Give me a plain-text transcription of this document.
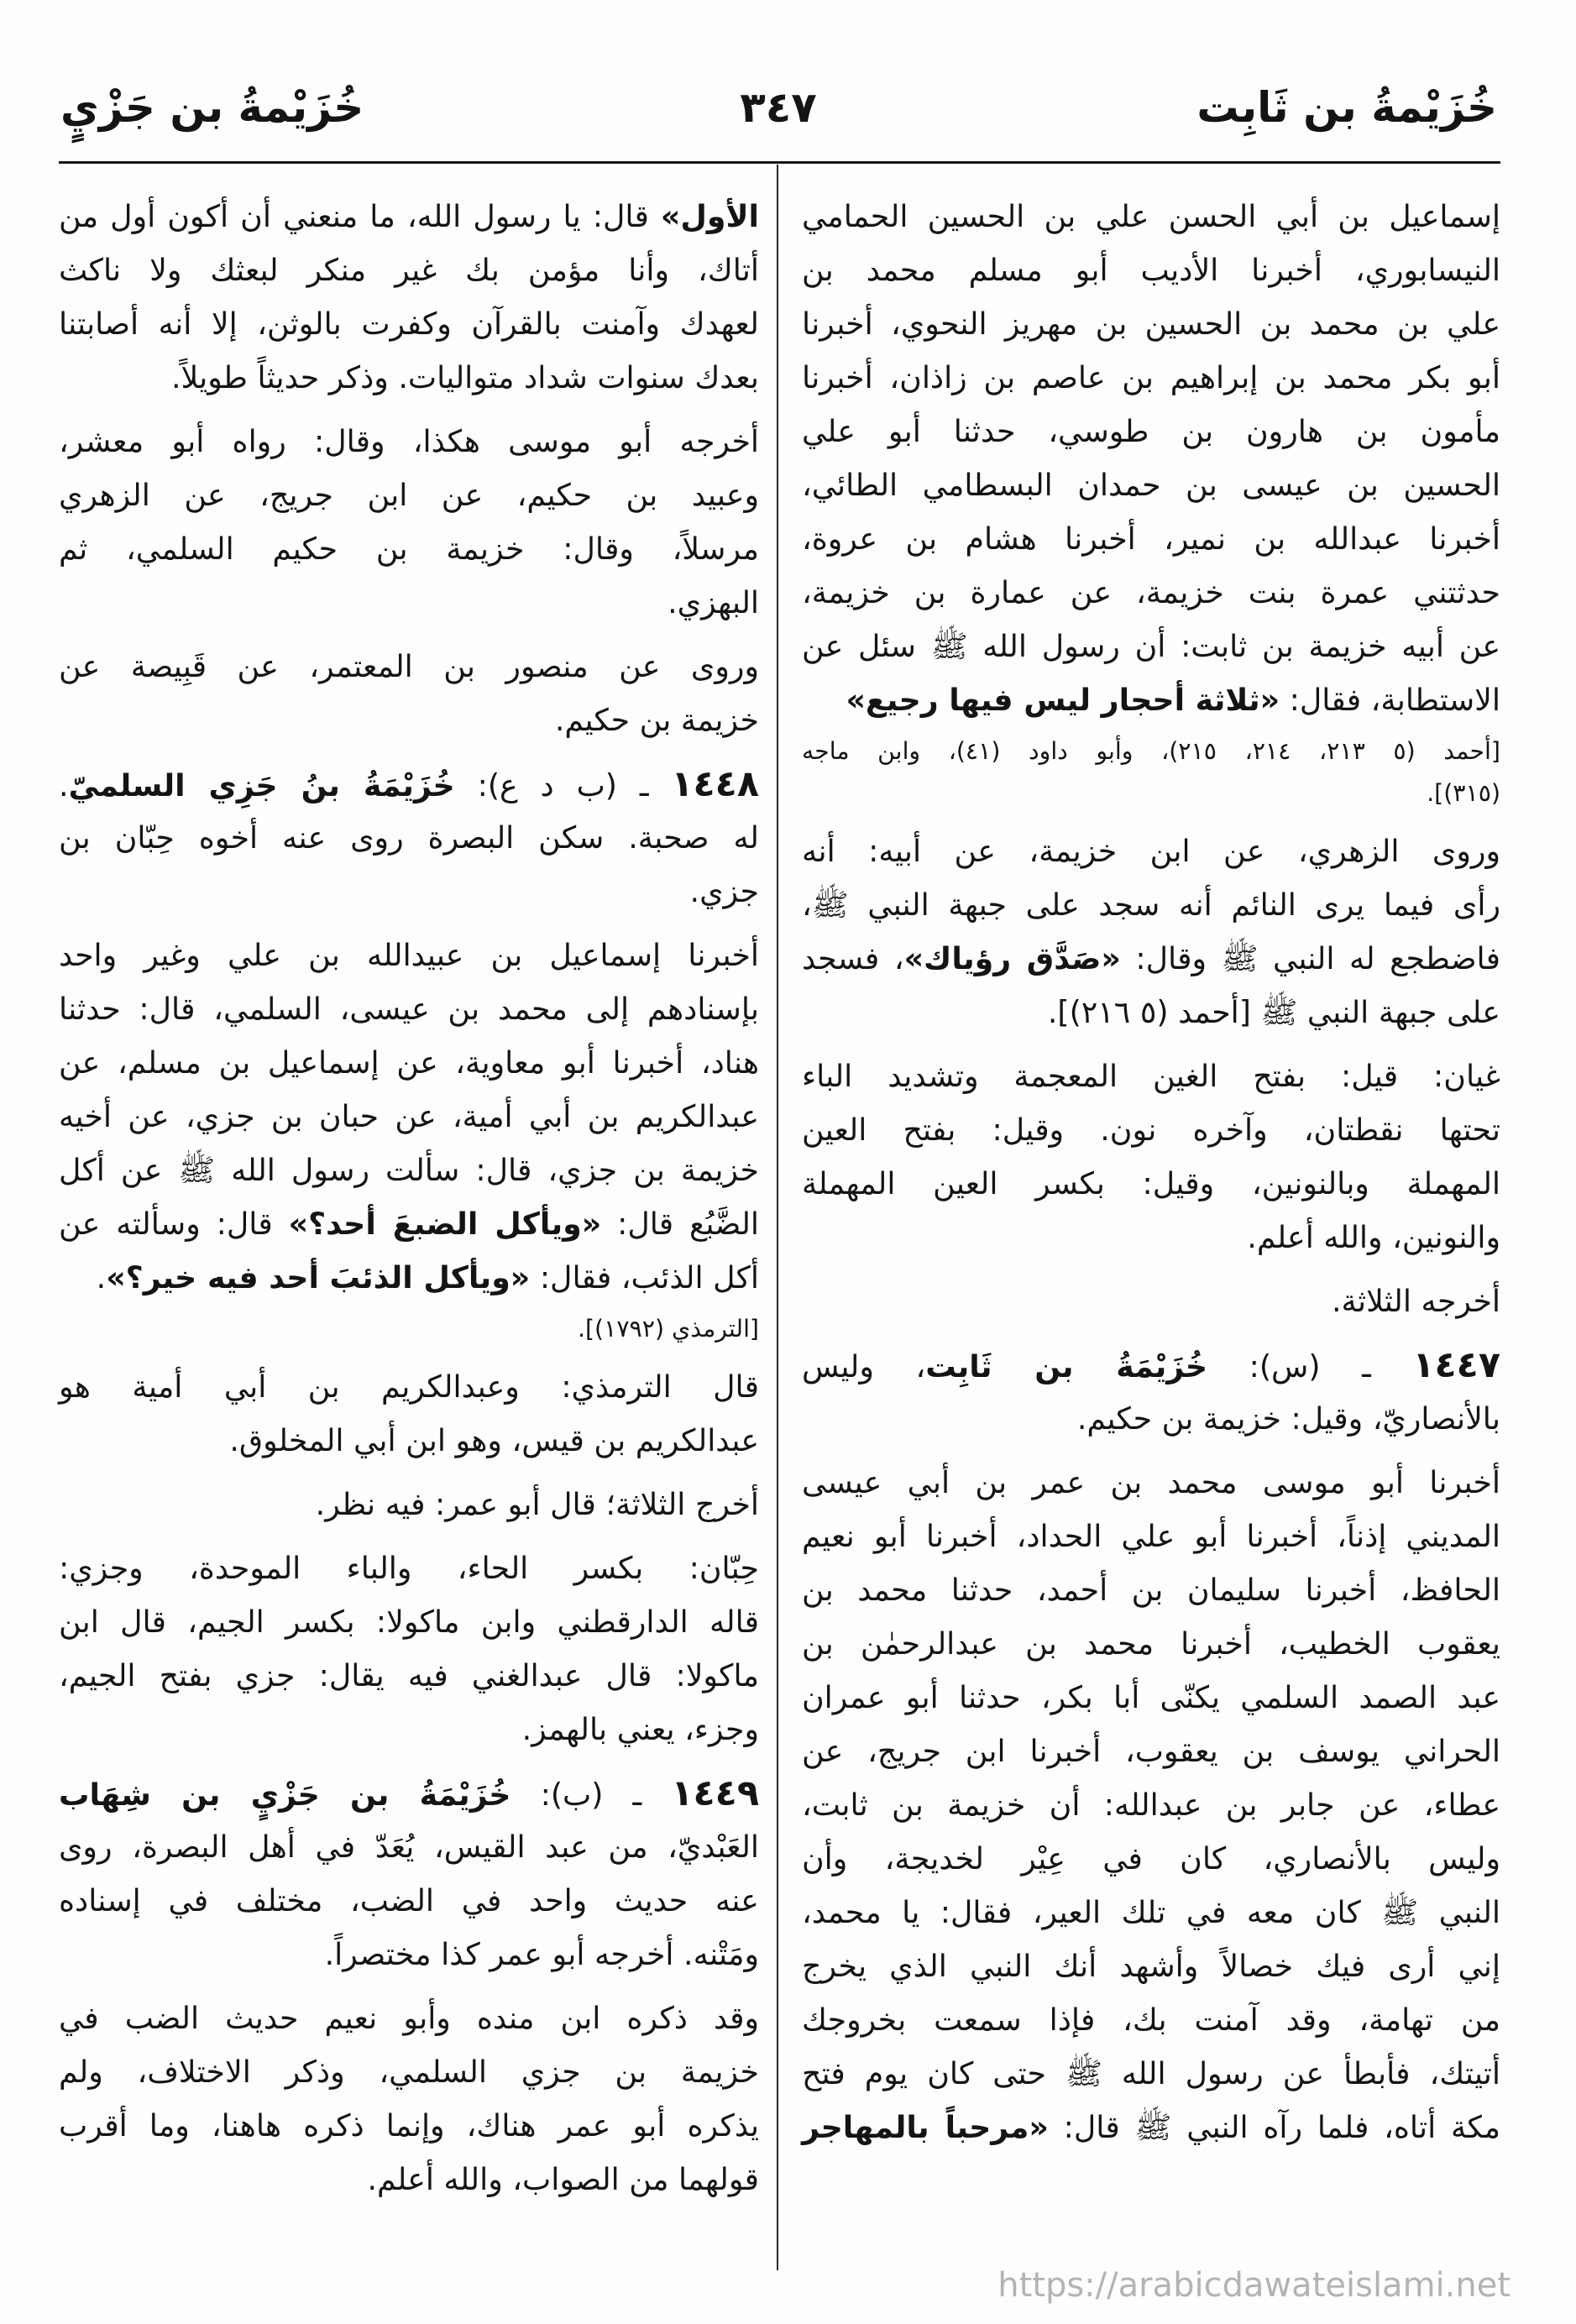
خُزَيْمةُ بن ثَابِت
٣٤٧
خُزَيْمةُ بن جَزْيٍ
إسماعيل بن أبي الحسن علي بن الحسين الحمامي
النيسابوري، أخبرنا الأديب أبو مسلم محمد بن
علي بن محمد بن الحسين بن مهريز النحوي، أخبرنا
أبو بكر محمد بن إبراهيم بن عاصم بن زاذان، أخبرنا
مأمون بن هارون بن طوسي، حدثنا أبو علي
الحسين بن عيسى بن حمدان البسطامي الطائي،
أخبرنا عبدالله بن نمير، أخبرنا هشام بن عروة،
حدثتني عمرة بنت خزيمة، عن عمارة بن خزيمة،
عن أبيه خزيمة بن ثابت: أن رسول الله ﷺ سئل عن
الاستطابة، فقال: «ثلاثة أحجار ليس فيها رجيع»
[أحمد (٥ ٢١٣، ٢١٤، ٢١٥)، وأبو داود (٤١)، وابن ماجه
(٣١٥)].
وروى الزهري، عن ابن خزيمة، عن أبيه: أنه
رأى فيما يرى النائم أنه سجد على جبهة النبي ﷺ،
فاضطجع له النبي ﷺ وقال: «صَدَّق رؤياك»، فسجد
على جبهة النبي ﷺ [أحمد (٥ ٢١٦)].
غيان: قيل: بفتح الغين المعجمة وتشديد الباء
تحتها نقطتان، وآخره نون. وقيل: بفتح العين
المهملة وبالنونين، وقيل: بكسر العين المهملة
والنونين، والله أعلم.
أخرجه الثلاثة.
١٤٤٧ ـ (س): خُزَيْمَةُ بن ثَابِت، وليس
بالأنصاريّ، وقيل: خزيمة بن حكيم.
أخبرنا أبو موسى محمد بن عمر بن أبي عيسى
المديني إذناً، أخبرنا أبو علي الحداد، أخبرنا أبو نعيم
الحافظ، أخبرنا سليمان بن أحمد، حدثنا محمد بن
يعقوب الخطيب، أخبرنا محمد بن عبدالرحمٰن بن
عبد الصمد السلمي يكنّى أبا بكر، حدثنا أبو عمران
الحراني يوسف بن يعقوب، أخبرنا ابن جريج، عن
عطاء، عن جابر بن عبدالله: أن خزيمة بن ثابت،
وليس بالأنصاري، كان في عِيْر لخديجة، وأن
النبي ﷺ كان معه في تلك العير، فقال: يا محمد،
إني أرى فيك خصالاً وأشهد أنك النبي الذي يخرج
من تهامة، وقد آمنت بك، فإذا سمعت بخروجك
أتيتك، فأبطأ عن رسول الله ﷺ حتى كان يوم فتح
مكة أتاه، فلما رآه النبي ﷺ قال: «مرحباً بالمهاجر
الأول» قال: يا رسول الله، ما منعني أن أكون أول من
أتاك، وأنا مؤمن بك غير منكر لبعثك ولا ناكث
لعهدك وآمنت بالقرآن وكفرت بالوثن، إلا أنه أصابتنا
بعدك سنوات شداد متواليات. وذكر حديثاً طويلاً.
أخرجه أبو موسى هكذا، وقال: رواه أبو معشر،
وعبيد بن حكيم، عن ابن جريج، عن الزهري
مرسلاً، وقال: خزيمة بن حكيم السلمي، ثم
البهزي.
وروى عن منصور بن المعتمر، عن قَبِيصة عن
خزيمة بن حكيم.
١٤٤٨ ـ (ب د ع): خُزَيْمَةُ بنُ جَزِي السلميّ.
له صحبة. سكن البصرة روى عنه أخوه حِبّان بن
جزي.
أخبرنا إسماعيل بن عبيدالله بن علي وغير واحد
بإسنادهم إلى محمد بن عيسى، السلمي، قال: حدثنا
هناد، أخبرنا أبو معاوية، عن إسماعيل بن مسلم، عن
عبدالكريم بن أبي أمية، عن حبان بن جزي، عن أخيه
خزيمة بن جزي، قال: سألت رسول الله ﷺ عن أكل
الضَّبُع قال: «ويأكل الضبعَ أحد؟» قال: وسألته عن
أكل الذئب، فقال: «ويأكل الذئبَ أحد فيه خير؟».
[الترمذي (١٧٩٢)].
قال الترمذي: وعبدالكريم بن أبي أمية هو
عبدالكريم بن قيس، وهو ابن أبي المخلوق.
أخرج الثلاثة؛ قال أبو عمر: فيه نظر.
حِبّان: بكسر الحاء، والباء الموحدة، وجزي:
قاله الدارقطني وابن ماكولا: بكسر الجيم، قال ابن
ماكولا: قال عبدالغني فيه يقال: جزي بفتح الجيم،
وجزء، يعني بالهمز.
١٤٤٩ ـ (ب): خُزَيْمَةُ بن جَزْيٍ بن شِهَاب
العَبْديّ، من عبد القيس، يُعَدّ في أهل البصرة، روى
عنه حديث واحد في الضب، مختلف في إسناده
ومَتْنه. أخرجه أبو عمر كذا مختصراً.
وقد ذكره ابن منده وأبو نعيم حديث الضب في
خزيمة بن جزي السلمي، وذكر الاختلاف، ولم
يذكره أبو عمر هناك، وإنما ذكره هاهنا، وما أقرب
قولهما من الصواب، والله أعلم.
https://arabicdawateislami.net
